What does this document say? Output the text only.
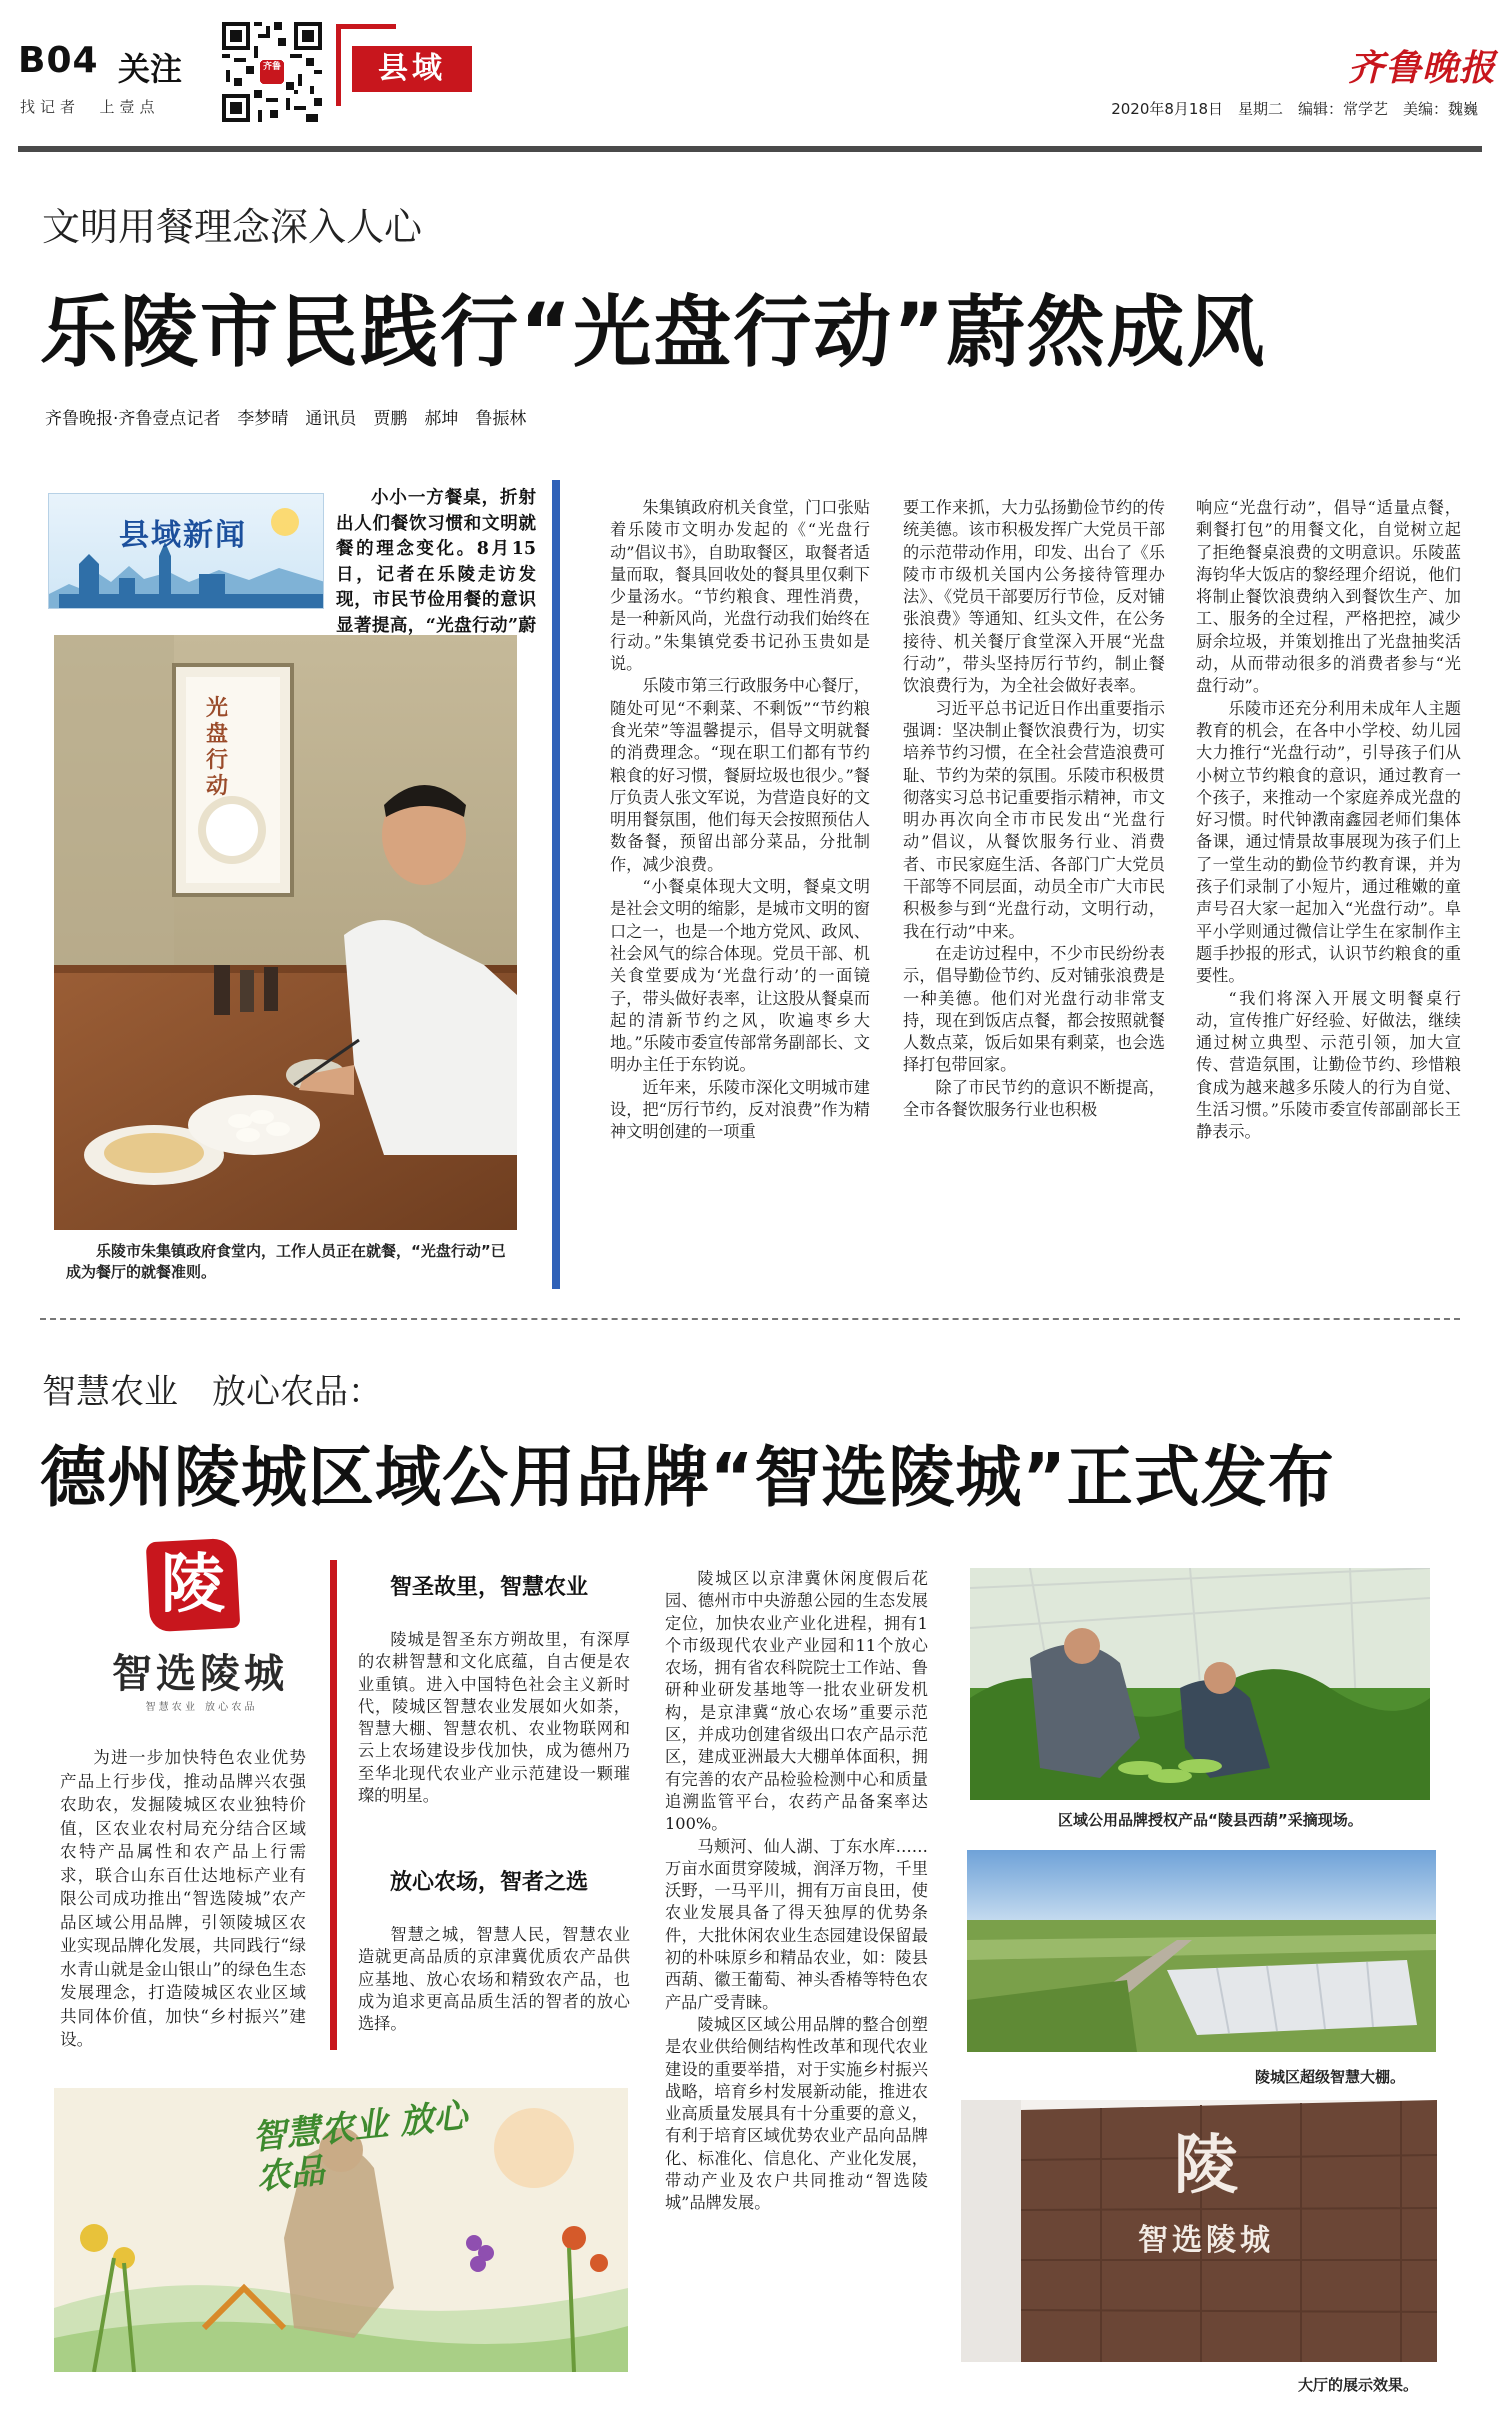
B04 关注
找记者  上壹点
齐鲁	县域	齐鲁晚报
2020年8月18日　星期二　编辑：常学艺　美编：魏巍
文明用餐理念深入人心
乐陵市民践行“光盘行动”蔚然成风
齐鲁晚报·齐鲁壹点记者　李梦晴　通讯员　贾鹏　郝坤　鲁振林
县域新闻
小小一方餐桌，折射出人们餐饮习惯和文明就餐的理念变化。8月15日，记者在乐陵走访发现，市民节俭用餐的意识显著提高，“光盘行动”蔚
光盘行动
乐陵市朱集镇政府食堂内，工作人员正在就餐，“光盘行动”已成为餐厅的就餐准则。

朱集镇政府机关食堂，门口张贴着乐陵市文明办发起的《“光盘行动”倡议书》，自助取餐区，取餐者适量而取，餐具回收处的餐具里仅剩下少量汤水。“节约粮食、理性消费，是一种新风尚，光盘行动我们始终在行动。”朱集镇党委书记孙玉贵如是说。

乐陵市第三行政服务中心餐厅，随处可见“不剩菜、不剩饭”“节约粮食光荣”等温馨提示，倡导文明就餐的消费理念。“现在职工们都有节约粮食的好习惯，餐厨垃圾也很少。”餐厅负责人张文军说，为营造良好的文明用餐氛围，他们每天会按照预估人数备餐，预留出部分菜品，分批制作，减少浪费。

“小餐桌体现大文明，餐桌文明是社会文明的缩影，是城市文明的窗口之一，也是一个地方党风、政风、社会风气的综合体现。党员干部、机关食堂要成为‘光盘行动’的一面镜子，带头做好表率，让这股从餐桌而起的清新节约之风，吹遍枣乡大地。”乐陵市委宣传部常务副部长、文明办主任于东钧说。

近年来，乐陵市深化文明城市建设，把“厉行节约，反对浪费”作为精神文明创建的一项重

要工作来抓，大力弘扬勤俭节约的传统美德。该市积极发挥广大党员干部的示范带动作用，印发、出台了《乐陵市市级机关国内公务接待管理办法》、《党员干部要厉行节俭，反对铺张浪费》等通知、红头文件，在公务接待、机关餐厅食堂深入开展“光盘行动”，带头坚持厉行节约，制止餐饮浪费行为，为全社会做好表率。

习近平总书记近日作出重要指示强调：坚决制止餐饮浪费行为，切实培养节约习惯，在全社会营造浪费可耻、节约为荣的氛围。乐陵市积极贯彻落实习总书记重要指示精神，市文明办再次向全市市民发出“光盘行动”倡议，从餐饮服务行业、消费者、市民家庭生活、各部门广大党员干部等不同层面，动员全市广大市民积极参与到“光盘行动，文明行动，我在行动”中来。

在走访过程中，不少市民纷纷表示，倡导勤俭节约、反对铺张浪费是一种美德。他们对光盘行动非常支持，现在到饭店点餐，都会按照就餐人数点菜，饭后如果有剩菜，也会选择打包带回家。

除了市民节约的意识不断提高，全市各餐饮服务行业也积极

响应“光盘行动”，倡导“适量点餐，剩餐打包”的用餐文化，自觉树立起了拒绝餐桌浪费的文明意识。乐陵蓝海钧华大饭店的黎经理介绍说，他们将制止餐饮浪费纳入到餐饮生产、加工、服务的全过程，严格把控，减少厨余垃圾，并策划推出了光盘抽奖活动，从而带动很多的消费者参与“光盘行动”。

乐陵市还充分利用未成年人主题教育的机会，在各中小学校、幼儿园大力推行“光盘行动”，引导孩子们从小树立节约粮食的意识，通过教育一个孩子，来推动一个家庭养成光盘的好习惯。时代钟漖南鑫园老师们集体备课，通过情景故事展现为孩子们上了一堂生动的勤俭节约教育课，并为孩子们录制了小短片，通过稚嫩的童声号召大家一起加入“光盘行动”。阜平小学则通过微信让学生在家制作主题手抄报的形式，认识节约粮食的重要性。

“我们将深入开展文明餐桌行动，宣传推广好经验、好做法，继续通过树立典型、示范引领，加大宣传、营造氛围，让勤俭节约、珍惜粮食成为越来越多乐陵人的行为自觉、生活习惯。”乐陵市委宣传部副部长王静表示。

智慧农业　放心农品：
德州陵城区域公用品牌“智选陵城”正式发布
陵
智选陵城
智 慧 农 业　放 心 农 品
为进一步加快特色农业优势产品上行步伐，推动品牌兴农强农助农，发掘陵城区农业独特价值，区农业农村局充分结合区域农特产品属性和农产品上行需求，联合山东百仕达地标产业有限公司成功推出“智选陵城”农产品区域公用品牌，引领陵城区农业实现品牌化发展，共同践行“绿水青山就是金山银山”的绿色生态发展理念，打造陵城区农业区域共同体价值，加快“乡村振兴”建设。
智圣故里，智慧农业
陵城是智圣东方朔故里，有深厚的农耕智慧和文化底蕴，自古便是农业重镇。进入中国特色社会主义新时代，陵城区智慧农业发展如火如荼，智慧大棚、智慧农机、农业物联网和云上农场建设步伐加快，成为德州乃至华北现代农业产业示范建设一颗璀璨的明星。
放心农场，智者之选
智慧之城，智慧人民，智慧农业造就更高品质的京津冀优质农产品供应基地、放心农场和精致农产品，也成为追求更高品质生活的智者的放心选择。
智慧农业 放心农品

陵城区以京津冀休闲度假后花园、德州市中央游憩公园的生态发展定位，加快农业产业化进程，拥有1个市级现代农业产业园和11个放心农场，拥有省农科院院士工作站、鲁研种业研发基地等一批农业研发机构，是京津冀“放心农场”重要示范区，并成功创建省级出口农产品示范区，建成亚洲最大大棚单体面积，拥有完善的农产品检验检测中心和质量追溯监管平台，农药产品备案率达100%。

马颊河、仙人湖、丁东水库……万亩水面贯穿陵城，润泽万物，千里沃野，一马平川，拥有万亩良田，使农业发展具备了得天独厚的优势条件，大批休闲农业生态园建设保留最初的朴味原乡和精品农业，如：陵县西葫、徽王葡萄、神头香椿等特色农产品广受青睐。

陵城区区域公用品牌的整合创塑是农业供给侧结构性改革和现代农业建设的重要举措，对于实施乡村振兴战略，培育乡村发展新动能，推进农业高质量发展具有十分重要的意义，有利于培育区域优势农业产品向品牌化、标准化、信息化、产业化发展，带动产业及农户共同推动“智选陵城”品牌发展。

区域公用品牌授权产品“陵县西葫”采摘现场。
陵城区超级智慧大棚。
陵
智选陵城
大厅的展示效果。
